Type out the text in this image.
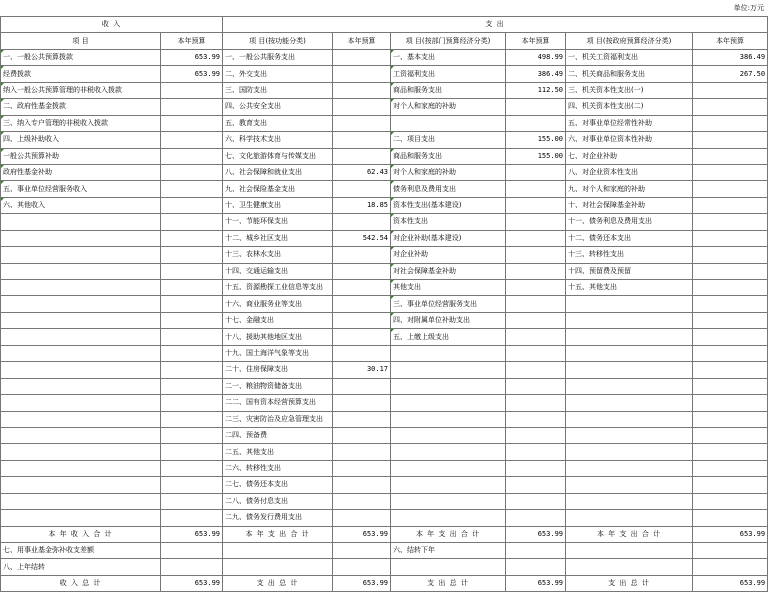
单位:万元
收 入		支 出					
项 目	本年预算	项 目(按功能分类)	本年预算	项 目(按部门预算经济分类)	本年预算	项 目(按政府预算经济分类)	本年预算
一、一般公共预算拨款	653.99	一、一般公共服务支出		一、基本支出	498.99	一、机关工资福利支出	386.49
经费拨款	653.99	二、外交支出		工资福利支出	386.49	二、机关商品和服务支出	267.50
纳入一般公共预算管理的非税收入拨款		三、国防支出		商品和服务支出	112.50	三、机关资本性支出(一)	
二、政府性基金拨款		四、公共安全支出		对个人和家庭的补助		四、机关资本性支出(二)	
三、纳入专户管理的非税收入拨款		五、教育支出				五、对事业单位经常性补助	
四、上级补助收入		六、科学技术支出		二、项目支出	155.00	六、对事业单位资本性补助	
一般公共预算补助		七、文化旅游体育与传媒支出		商品和服务支出	155.00	七、对企业补助	
政府性基金补助		八、社会保障和就业支出	62.43	对个人和家庭的补助		八、对企业资本性支出	
五、事业单位经营服务收入		九、社会保险基金支出		债务利息及费用支出		九、对个人和家庭的补助	
六、其他收入		十、卫生健康支出	18.85	资本性支出(基本建设)		十、对社会保障基金补助	
		十一、节能环保支出		资本性支出		十一、债务利息及费用支出	
		十二、城乡社区支出	542.54	对企业补助(基本建设)		十二、债务还本支出	
		十三、农林水支出		对企业补助		十三、转移性支出	
		十四、交通运输支出		对社会保障基金补助		十四、预留费及预留	
		十五、资源勘探工业信息等支出		其他支出		十五、其他支出	
		十六、商业服务业等支出		三、事业单位经营服务支出			
		十七、金融支出		四、对附属单位补助支出			
		十八、援助其他地区支出		五、上缴上级支出			
		十九、国土海洋气象等支出					
		二十、住房保障支出	30.17				
		二一、粮油物资储备支出					
		二二、国有资本经营预算支出					
		二三、灾害防治及应急管理支出					
		二四、预备费					
		二五、其他支出					
		二六、转移性支出					
		二七、债务还本支出					
		二八、债务付息支出					
		二九、债务发行费用支出					
本 年 收 入 合 计	653.99	本 年 支 出 合 计	653.99	本 年 支 出 合 计	653.99	本 年 支 出 合 计	653.99
七、用事业基金弥补收支差额				六、结转下年			
八、上年结转							
收 入 总 计	653.99	支 出 总 计	653.99	支 出 总 计	653.99	支 出 总 计	653.99
